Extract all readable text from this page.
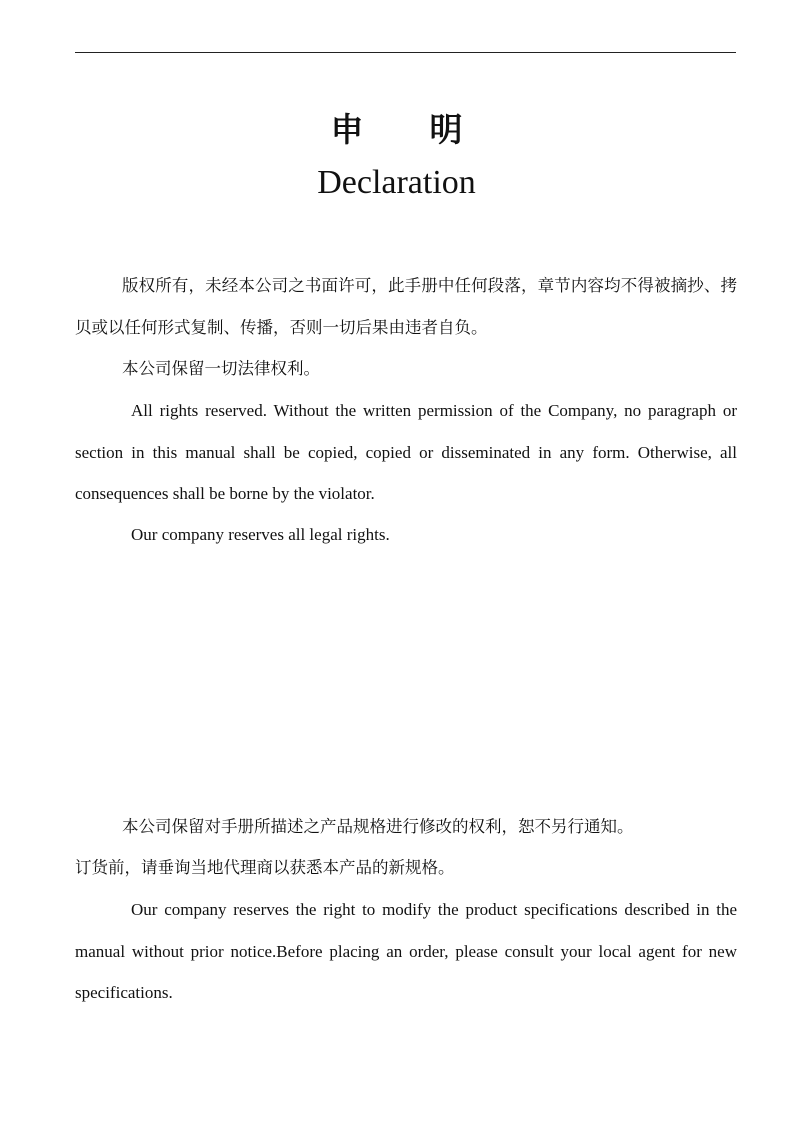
申　　明
Declaration
版权所有，未经本公司之书面许可，此手册中任何段落，章节内容均不得被摘抄、拷贝或以任何形式复制、传播，否则一切后果由违者自负。
本公司保留一切法律权利。
All rights reserved. Without the written permission of the Company, no paragraph or section in this manual shall be copied, copied or disseminated in any form. Otherwise, all consequences shall be borne by the violator.
Our company reserves all legal rights.
本公司保留对手册所描述之产品规格进行修改的权利，恕不另行通知。
订货前，请垂询当地代理商以获悉本产品的新规格。
Our company reserves the right to modify the product specifications described in the manual without prior notice.Before placing an order, please consult your local agent for new specifications.
